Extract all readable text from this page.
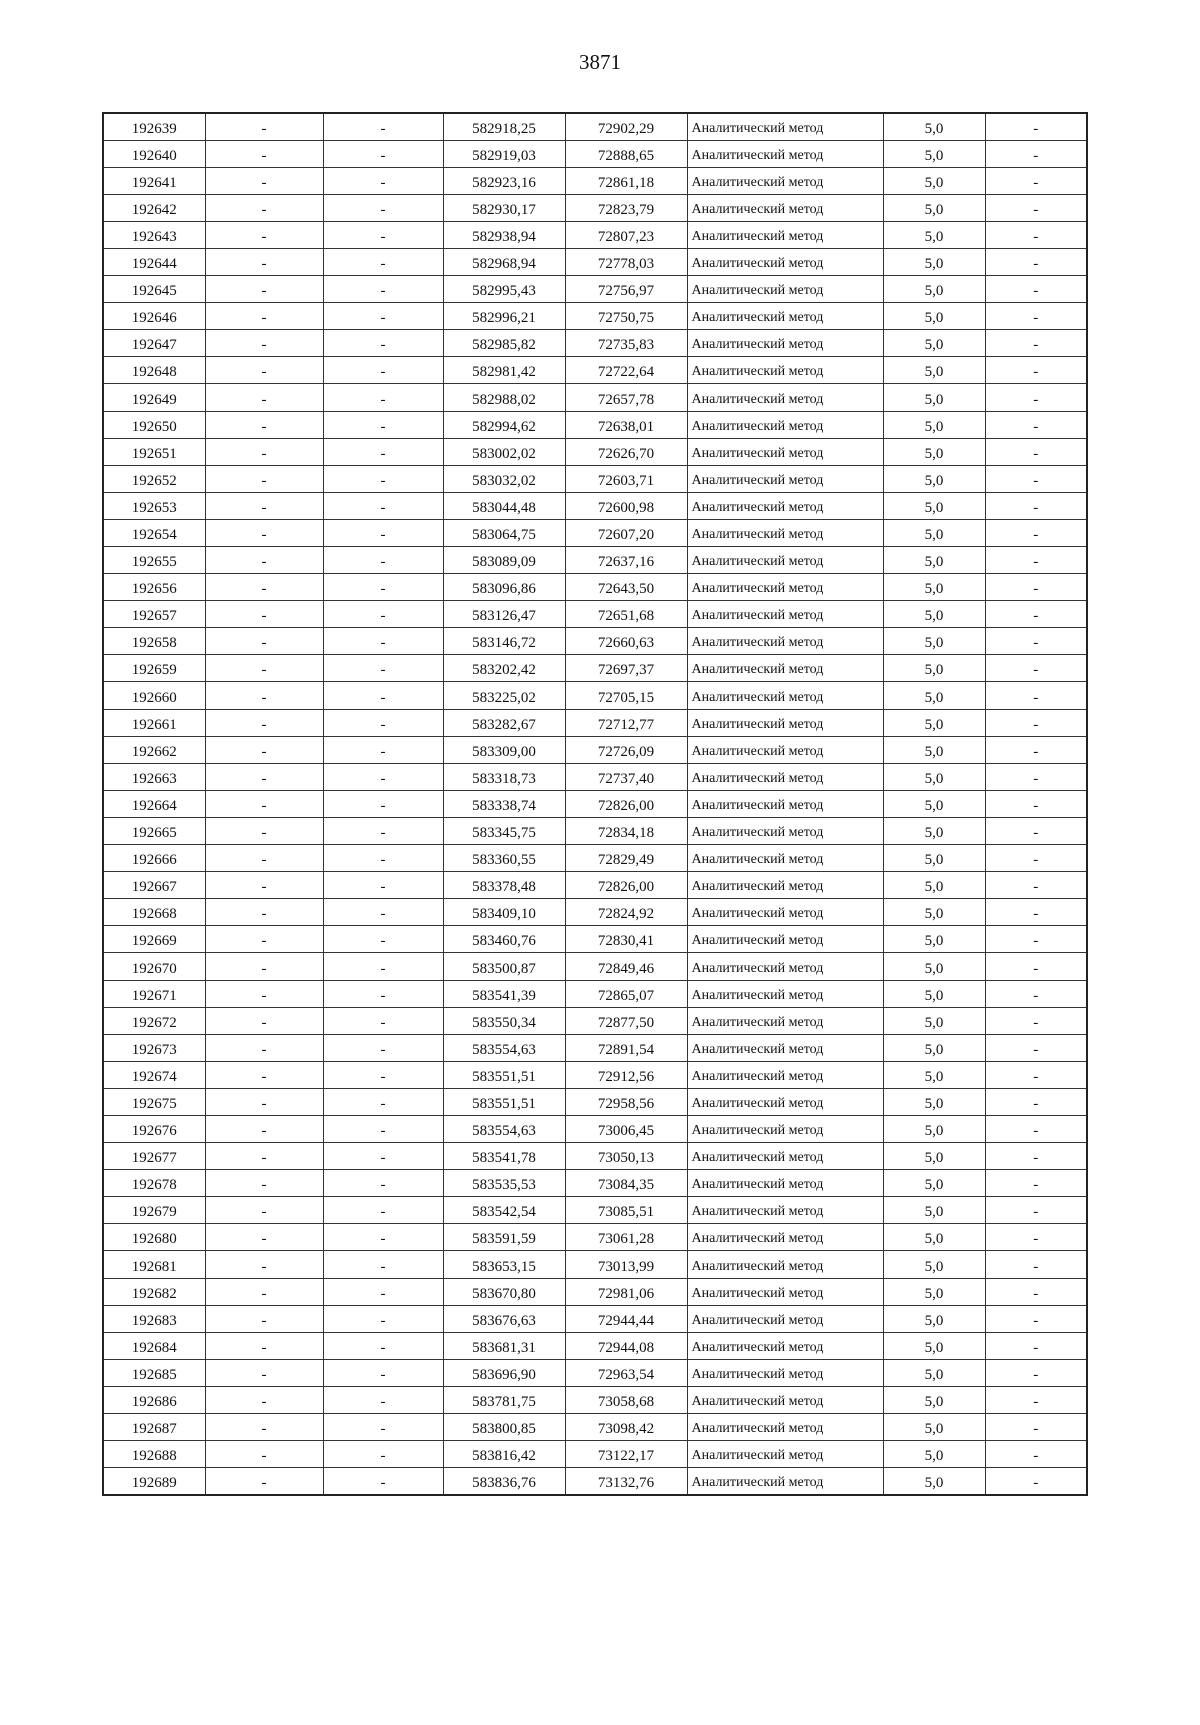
3871
192639	-	-	582918,25	72902,29	Аналитический метод	5,0	-
192640	-	-	582919,03	72888,65	Аналитический метод	5,0	-
192641	-	-	582923,16	72861,18	Аналитический метод	5,0	-
192642	-	-	582930,17	72823,79	Аналитический метод	5,0	-
192643	-	-	582938,94	72807,23	Аналитический метод	5,0	-
192644	-	-	582968,94	72778,03	Аналитический метод	5,0	-
192645	-	-	582995,43	72756,97	Аналитический метод	5,0	-
192646	-	-	582996,21	72750,75	Аналитический метод	5,0	-
192647	-	-	582985,82	72735,83	Аналитический метод	5,0	-
192648	-	-	582981,42	72722,64	Аналитический метод	5,0	-
192649	-	-	582988,02	72657,78	Аналитический метод	5,0	-
192650	-	-	582994,62	72638,01	Аналитический метод	5,0	-
192651	-	-	583002,02	72626,70	Аналитический метод	5,0	-
192652	-	-	583032,02	72603,71	Аналитический метод	5,0	-
192653	-	-	583044,48	72600,98	Аналитический метод	5,0	-
192654	-	-	583064,75	72607,20	Аналитический метод	5,0	-
192655	-	-	583089,09	72637,16	Аналитический метод	5,0	-
192656	-	-	583096,86	72643,50	Аналитический метод	5,0	-
192657	-	-	583126,47	72651,68	Аналитический метод	5,0	-
192658	-	-	583146,72	72660,63	Аналитический метод	5,0	-
192659	-	-	583202,42	72697,37	Аналитический метод	5,0	-
192660	-	-	583225,02	72705,15	Аналитический метод	5,0	-
192661	-	-	583282,67	72712,77	Аналитический метод	5,0	-
192662	-	-	583309,00	72726,09	Аналитический метод	5,0	-
192663	-	-	583318,73	72737,40	Аналитический метод	5,0	-
192664	-	-	583338,74	72826,00	Аналитический метод	5,0	-
192665	-	-	583345,75	72834,18	Аналитический метод	5,0	-
192666	-	-	583360,55	72829,49	Аналитический метод	5,0	-
192667	-	-	583378,48	72826,00	Аналитический метод	5,0	-
192668	-	-	583409,10	72824,92	Аналитический метод	5,0	-
192669	-	-	583460,76	72830,41	Аналитический метод	5,0	-
192670	-	-	583500,87	72849,46	Аналитический метод	5,0	-
192671	-	-	583541,39	72865,07	Аналитический метод	5,0	-
192672	-	-	583550,34	72877,50	Аналитический метод	5,0	-
192673	-	-	583554,63	72891,54	Аналитический метод	5,0	-
192674	-	-	583551,51	72912,56	Аналитический метод	5,0	-
192675	-	-	583551,51	72958,56	Аналитический метод	5,0	-
192676	-	-	583554,63	73006,45	Аналитический метод	5,0	-
192677	-	-	583541,78	73050,13	Аналитический метод	5,0	-
192678	-	-	583535,53	73084,35	Аналитический метод	5,0	-
192679	-	-	583542,54	73085,51	Аналитический метод	5,0	-
192680	-	-	583591,59	73061,28	Аналитический метод	5,0	-
192681	-	-	583653,15	73013,99	Аналитический метод	5,0	-
192682	-	-	583670,80	72981,06	Аналитический метод	5,0	-
192683	-	-	583676,63	72944,44	Аналитический метод	5,0	-
192684	-	-	583681,31	72944,08	Аналитический метод	5,0	-
192685	-	-	583696,90	72963,54	Аналитический метод	5,0	-
192686	-	-	583781,75	73058,68	Аналитический метод	5,0	-
192687	-	-	583800,85	73098,42	Аналитический метод	5,0	-
192688	-	-	583816,42	73122,17	Аналитический метод	5,0	-
192689	-	-	583836,76	73132,76	Аналитический метод	5,0	-
